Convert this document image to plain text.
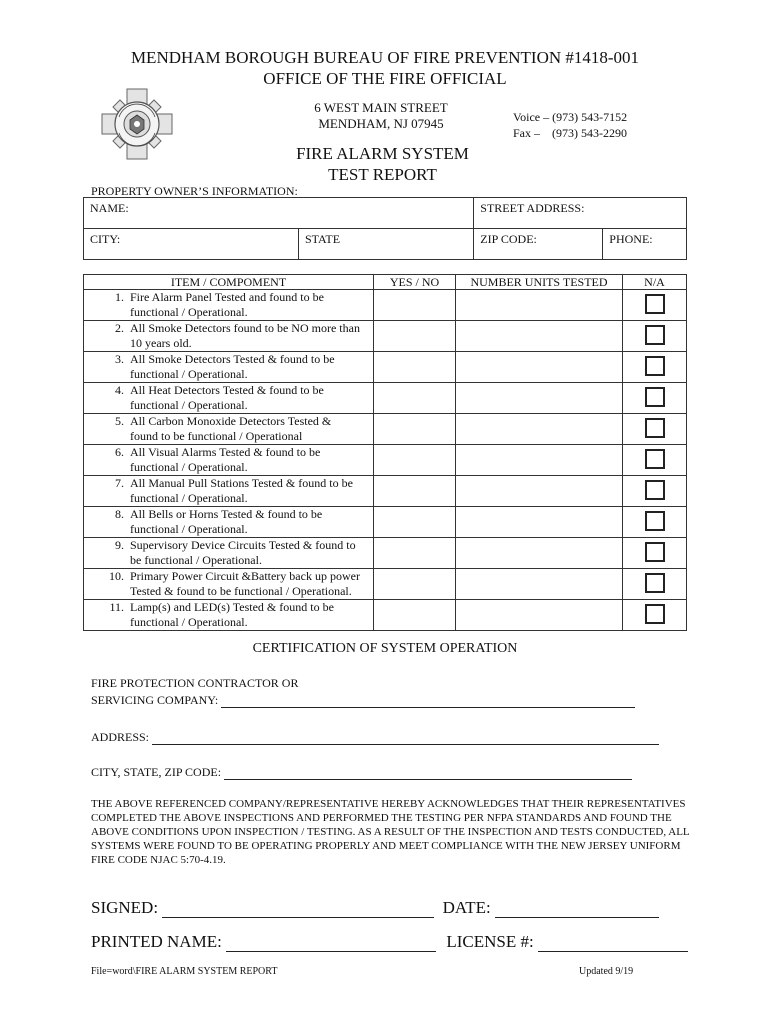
MENDHAM BOROUGH BUREAU OF FIRE PREVENTION #1418-001
OFFICE OF THE FIRE OFFICIAL
6 WEST MAIN STREET
MENDHAM, NJ 07945	Voice – (973) 543-7152
Fax –    (973) 543-2290
FIRE ALARM SYSTEM
TEST REPORT
PROPERTY OWNER’S INFORMATION:
NAME:		STREET ADDRESS:	
CITY:	STATE	ZIP CODE:	PHONE:
ITEM / COMPOMENT	YES / NO	NUMBER UNITS TESTED	N/A

1. Fire Alarm Panel Tested and found to be
functional / Operational.			

2. All Smoke Detectors found to be NO more than
10 years old.			

3. All Smoke Detectors Tested & found to be
functional / Operational.			

4. All Heat Detectors Tested & found to be
functional / Operational.			

5. All Carbon Monoxide Detectors Tested &
found to be functional / Operational			

6. All Visual Alarms Tested & found to be
functional / Operational.			

7. All Manual Pull Stations Tested & found to be
functional / Operational.			

8. All Bells or Horns Tested & found to be
functional / Operational.			

9. Supervisory Device Circuits Tested & found to
be functional / Operational.			

10. Primary Power Circuit &Battery back up power
Tested & found to be functional / Operational.			

11. Lamp(s) and LED(s) Tested & found to be
functional / Operational.			

CERTIFICATION OF SYSTEM OPERATION
FIRE PROTECTION CONTRACTOR OR
SERVICING COMPANY:
ADDRESS:
CITY, STATE, ZIP CODE:
THE ABOVE REFERENCED COMPANY/REPRESENTATIVE HEREBY ACKNOWLEDGES THAT THEIR REPRESENTATIVES COMPLETED THE ABOVE INSPECTIONS AND PERFORMED THE TESTING PER NFPA STANDARDS AND FOUND THE ABOVE CONDITIONS UPON INSPECTION / TESTING. AS A RESULT OF THE INSPECTION AND TESTS CONDUCTED, ALL SYSTEMS WERE FOUND TO BE OPERATING PROPERLY AND MEET COMPLIANCE WITH THE NEW JERSEY UNIFORM FIRE CODE NJAC 5:70-4.19.
SIGNED:	DATE:
PRINTED NAME:	LICENSE #:
File=word\FIRE ALARM SYSTEM REPORT	Updated 9/19
